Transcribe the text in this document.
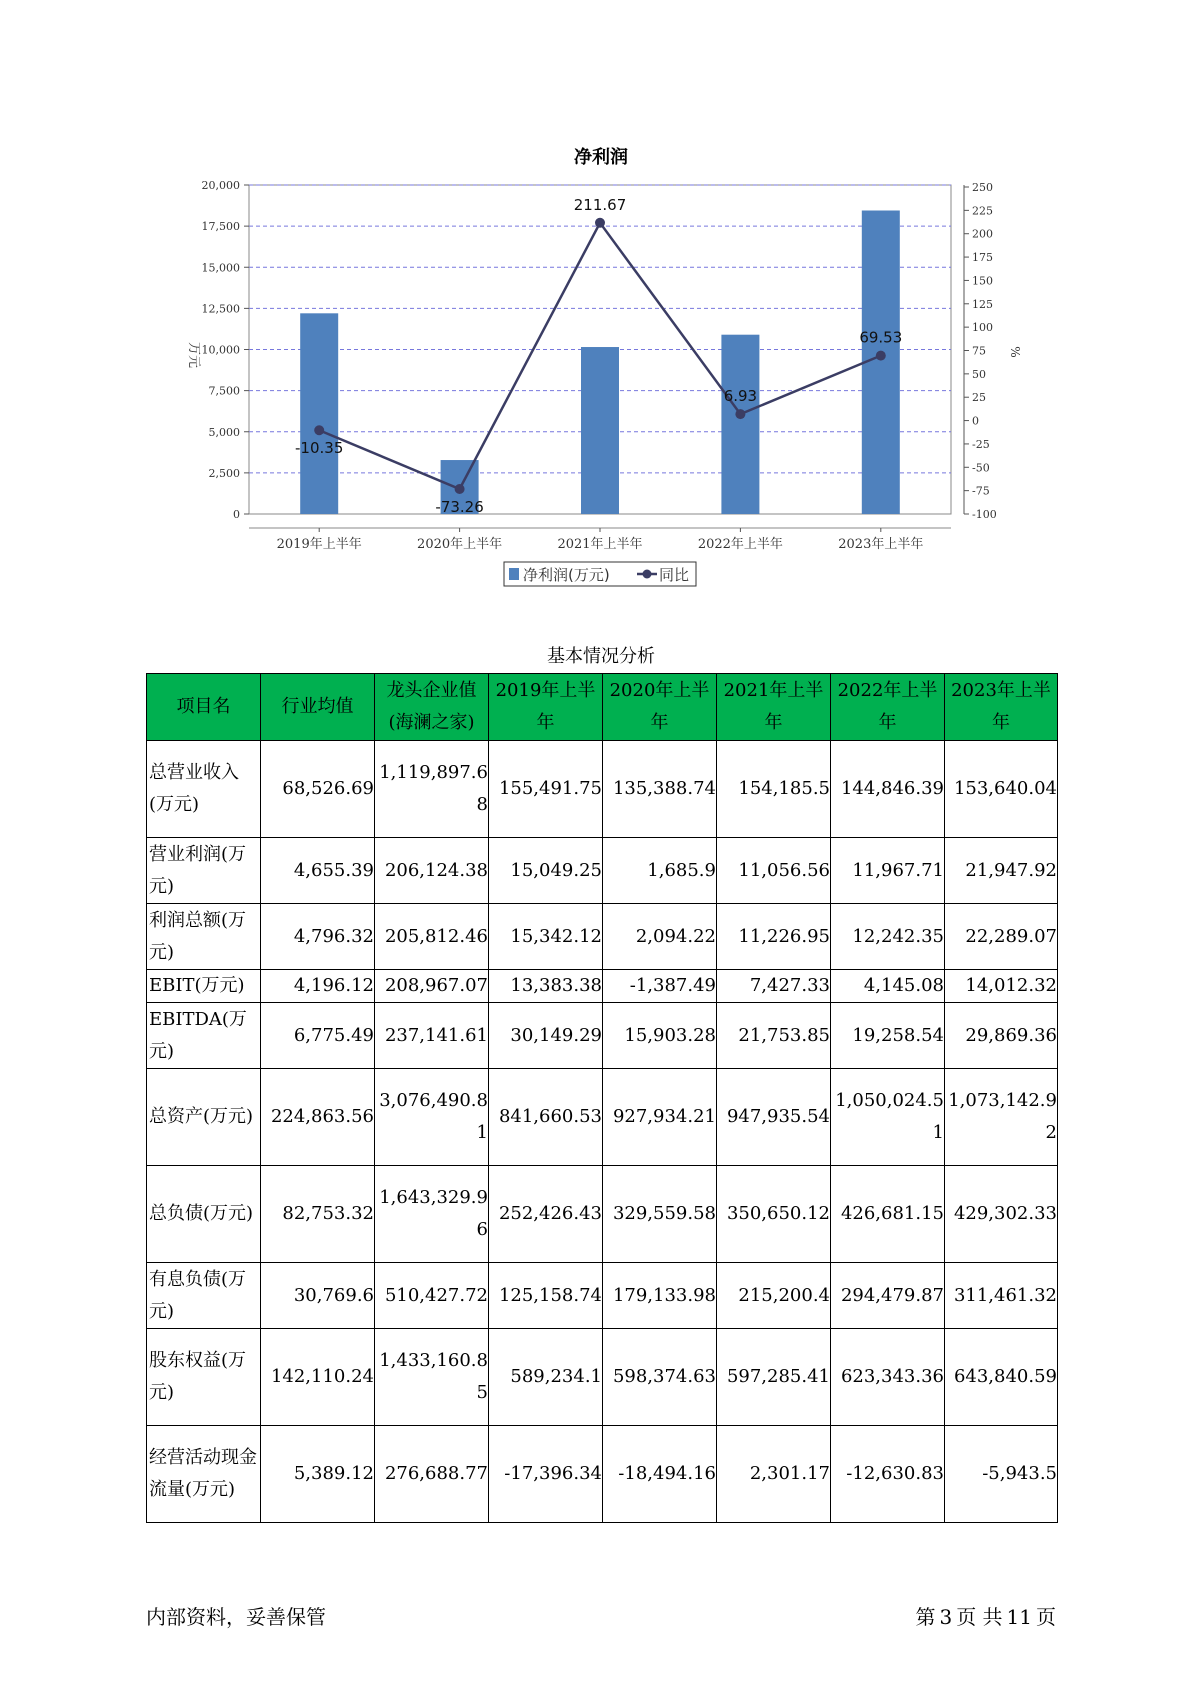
净利润
-10.35
-73.26
211.67
6.93
69.53
0
2,500
5,000
7,500
10,000
12,500
15,000
17,500
20,000
-100
-75
-50
-25
0
25
50
75
100
125
150
175
200
225
250
万元	%
2019年上半年	2020年上半年	2021年上半年	2022年上半年	2023年上半年
净利润(万元)	同比
基本情况分析
项目名	行业均值	龙头企业值(海澜之家)	2019年上半年	2020年上半年	2021年上半年	2022年上半年	2023年上半年
总营业收入(万元)	68,526.69	1,119,897.68	155,491.75	135,388.74	154,185.5	144,846.39	153,640.04
营业利润(万元)	4,655.39	206,124.38	15,049.25	1,685.9	11,056.56	11,967.71	21,947.92
利润总额(万元)	4,796.32	205,812.46	15,342.12	2,094.22	11,226.95	12,242.35	22,289.07
EBIT(万元)	4,196.12	208,967.07	13,383.38	-1,387.49	7,427.33	4,145.08	14,012.32
EBITDA(万元)	6,775.49	237,141.61	30,149.29	15,903.28	21,753.85	19,258.54	29,869.36
总资产(万元)	224,863.56	3,076,490.81	841,660.53	927,934.21	947,935.54	1,050,024.51	1,073,142.92
总负债(万元)	82,753.32	1,643,329.96	252,426.43	329,559.58	350,650.12	426,681.15	429,302.33
有息负债(万元)	30,769.6	510,427.72	125,158.74	179,133.98	215,200.4	294,479.87	311,461.32
股东权益(万元)	142,110.24	1,433,160.85	589,234.1	598,374.63	597,285.41	623,343.36	643,840.59
经营活动现金流量(万元)	5,389.12	276,688.77	-17,396.34	-18,494.16	2,301.17	-12,630.83	-5,943.5
内部资料，妥善保管	第 3 页 共 11 页
